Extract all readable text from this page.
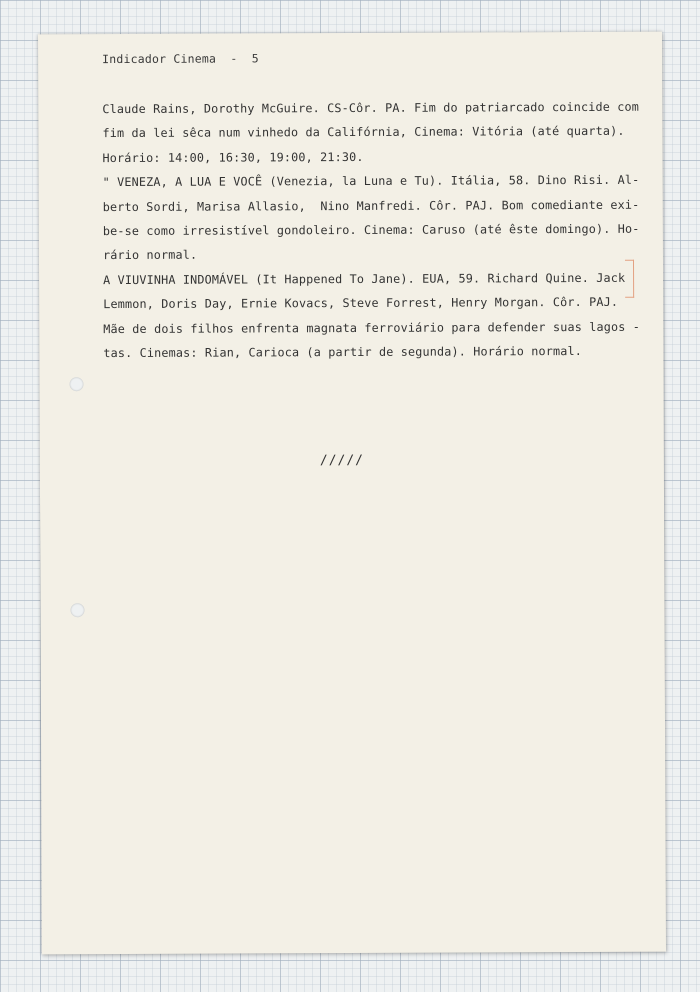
Indicador Cinema  -  5
Claude Rains, Dorothy McGuire. CS-Côr. PA. Fim do patriarcado coincide com
fim da lei sêca num vinhedo da Califórnia, Cinema: Vitória (até quarta).
Horário: 14:00, 16:30, 19:00, 21:30.
" VENEZA, A LUA E VOCÊ (Venezia, la Luna e Tu). Itália, 58. Dino Risi. Al-
berto Sordi, Marisa Allasio,  Nino Manfredi. Côr. PAJ. Bom comediante exi-
be-se como irresistível gondoleiro. Cinema: Caruso (até êste domingo). Ho-
rário normal.
A VIUVINHA INDOMÁVEL (It Happened To Jane). EUA, 59. Richard Quine. Jack
Lemmon, Doris Day, Ernie Kovacs, Steve Forrest, Henry Morgan. Côr. PAJ.
Mãe de dois filhos enfrenta magnata ferroviário para defender suas lagos -
tas. Cinemas: Rian, Carioca (a partir de segunda). Horário normal.
/////
